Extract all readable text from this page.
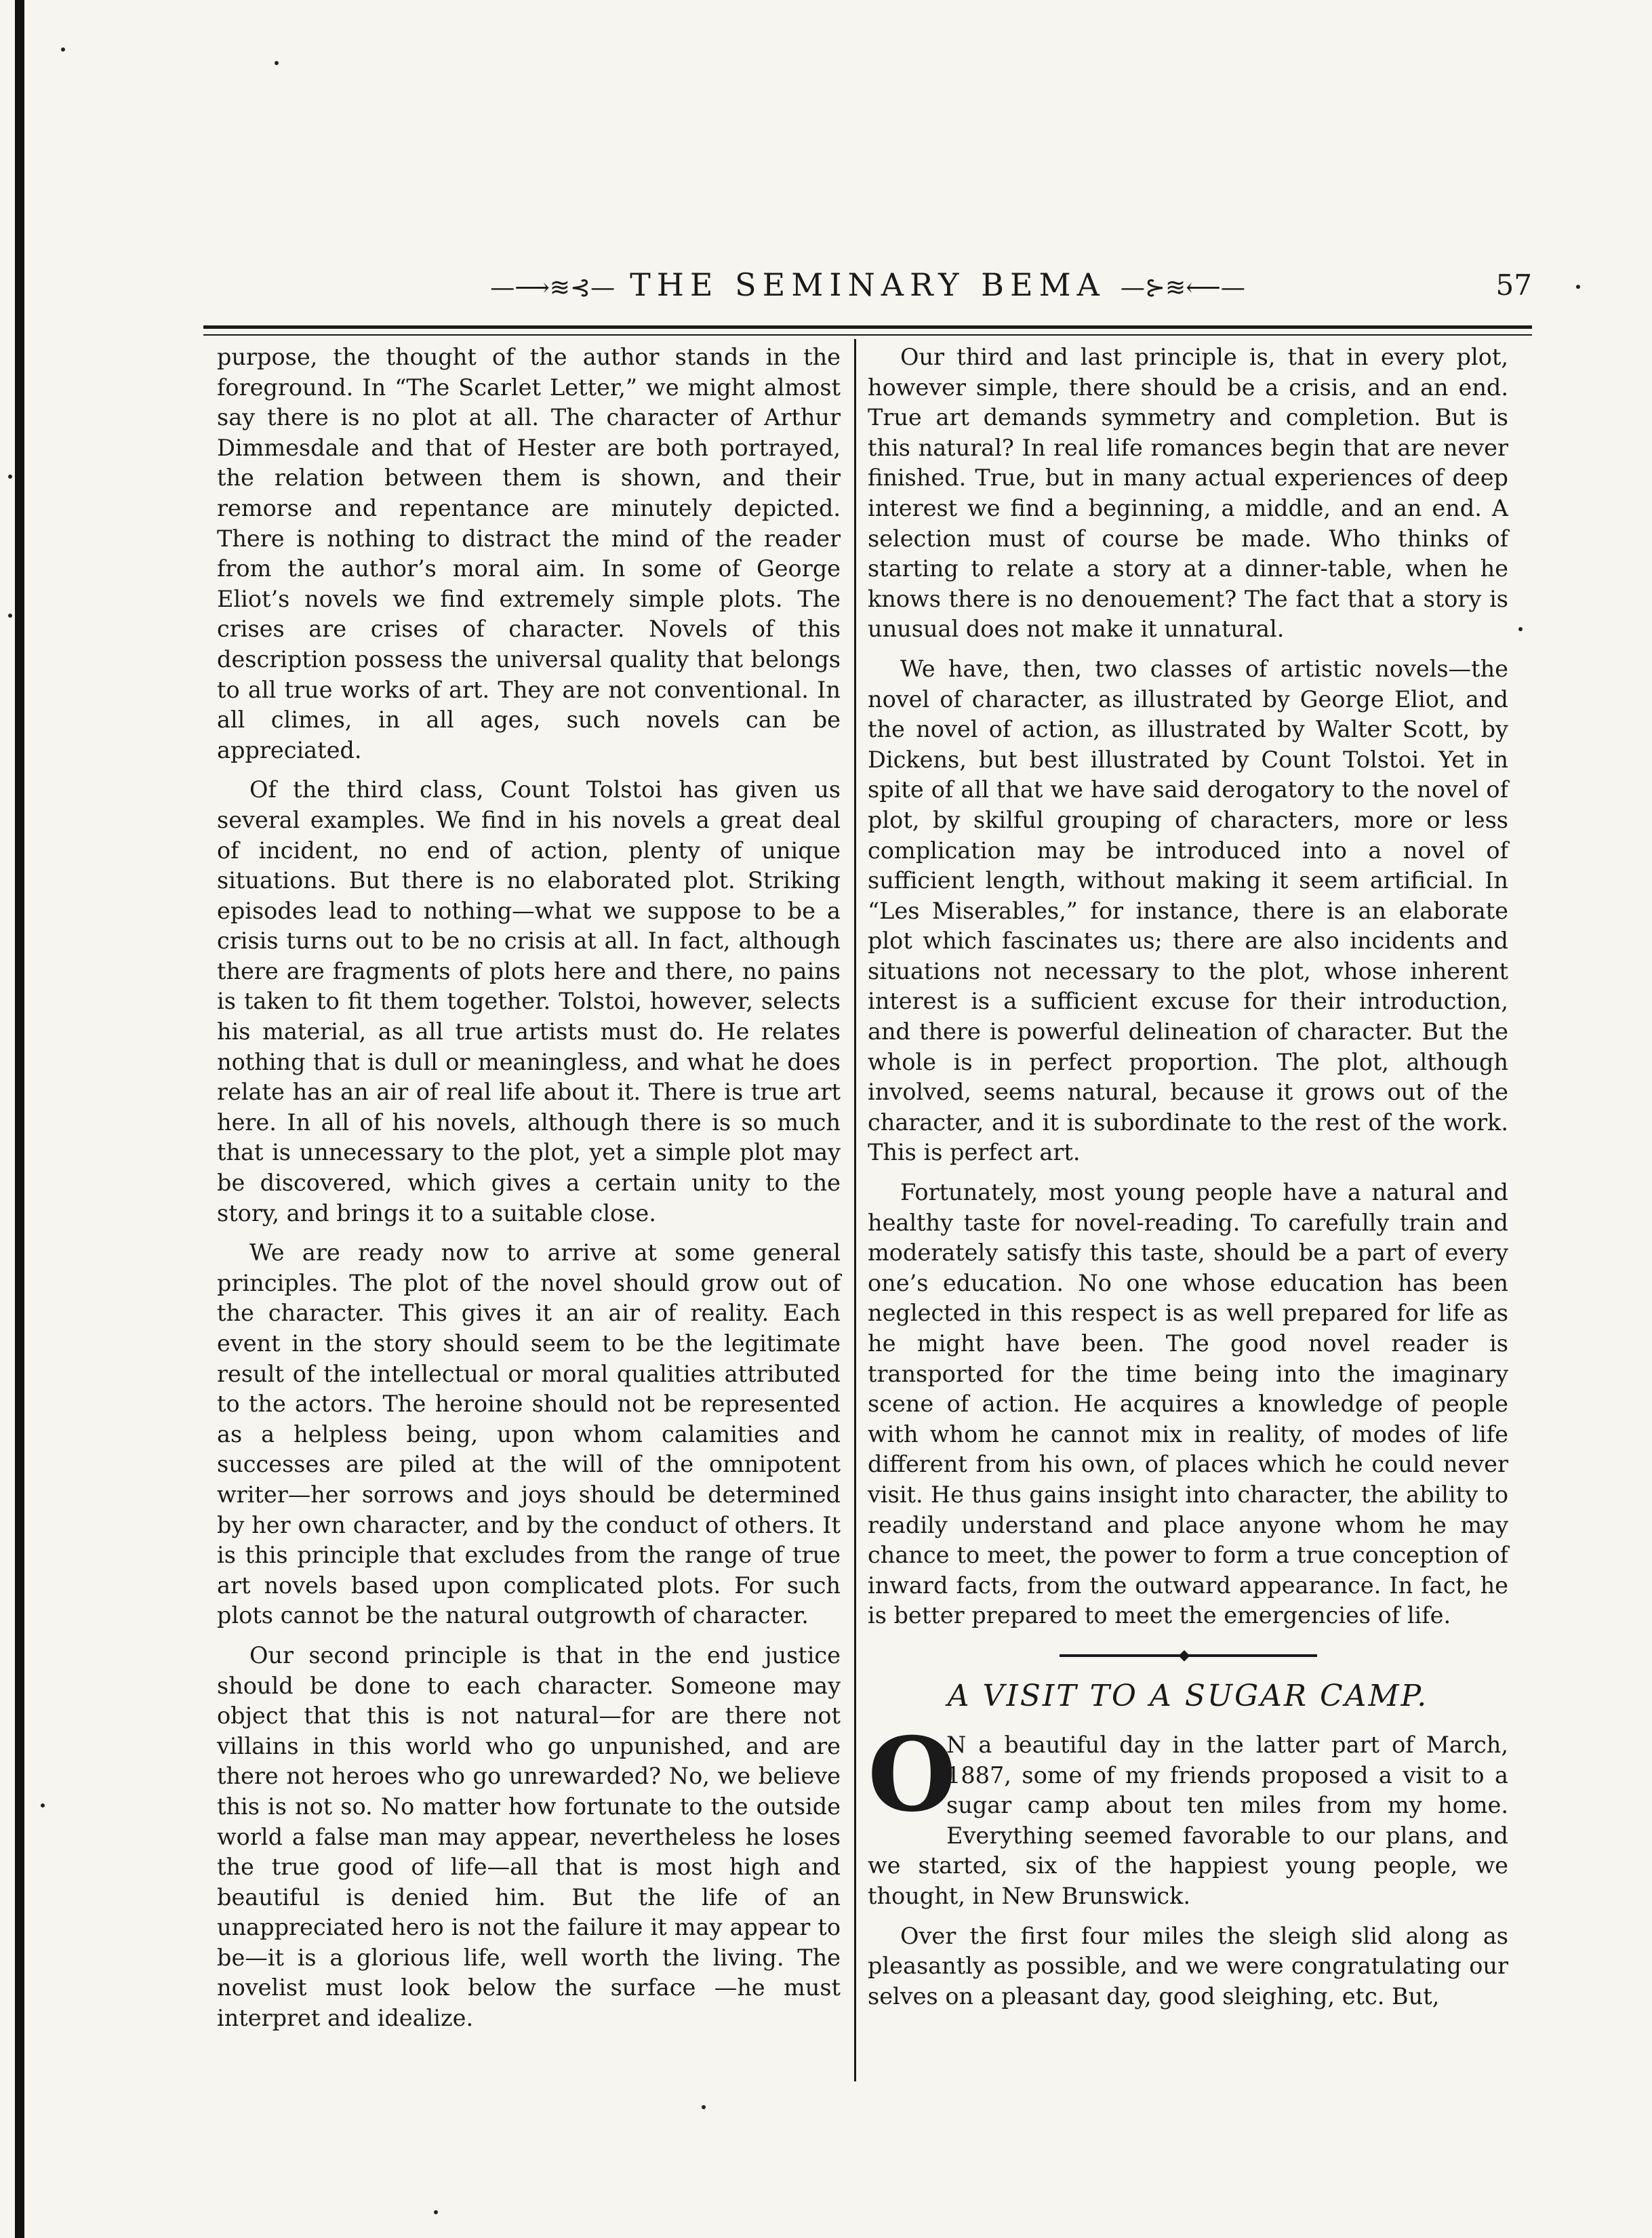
—⟶≋⊰— THE SEMINARY BEMA —⊱≋⟵—	57

purpose, the thought of the author stands in the foreground. In “The Scarlet Letter,” we might almost say there is no plot at all. The character of Arthur Dimmesdale and that of Hester are both portrayed, the relation between them is shown, and their remorse and repentance are minutely depicted. There is nothing to distract the mind of the reader from the author’s moral aim. In some of George Eliot’s novels we find extremely simple plots. The crises are crises of character. Novels of this description possess the universal quality that belongs to all true works of art. They are not conventional. In all climes, in all ages, such novels can be appreciated.

Of the third class, Count Tolstoi has given us several examples. We find in his novels a great deal of incident, no end of action, plenty of unique situations. But there is no elaborated plot. Striking episodes lead to nothing—what we suppose to be a crisis turns out to be no crisis at all. In fact, although there are fragments of plots here and there, no pains is taken to fit them together. Tolstoi, however, selects his material, as all true artists must do. He relates nothing that is dull or meaningless, and what he does relate has an air of real life about it. There is true art here. In all of his novels, although there is so much that is unnecessary to the plot, yet a simple plot may be discovered, which gives a certain unity to the story, and brings it to a suitable close.

We are ready now to arrive at some general principles. The plot of the novel should grow out of the character. This gives it an air of reality. Each event in the story should seem to be the legitimate result of the intellectual or moral qualities attributed to the actors. The heroine should not be represented as a helpless being, upon whom calamities and successes are piled at the will of the omnipotent writer—her sorrows and joys should be determined by her own character, and by the conduct of others. It is this principle that excludes from the range of true art novels based upon complicated plots. For such plots cannot be the natural outgrowth of character.

Our second principle is that in the end justice should be done to each character. Someone may object that this is not natural—for are there not villains in this world who go unpunished, and are there not heroes who go unrewarded? No, we believe this is not so. No matter how fortunate to the outside world a false man may appear, nevertheless he loses the true good of life—all that is most high and beautiful is denied him. But the life of an unappreciated hero is not the failure it may appear to be—it is a glorious life, well worth the living. The novelist must look below the surface —he must interpret and idealize.

Our third and last principle is, that in every plot, however simple, there should be a crisis, and an end. True art demands symmetry and completion. But is this natural? In real life romances begin that are never finished. True, but in many actual experiences of deep interest we find a beginning, a middle, and an end. A selection must of course be made. Who thinks of starting to relate a story at a dinner-table, when he knows there is no denouement? The fact that a story is unusual does not make it unnatural.

We have, then, two classes of artistic novels—the novel of character, as illustrated by George Eliot, and the novel of action, as illustrated by Walter Scott, by Dickens, but best illustrated by Count Tolstoi. Yet in spite of all that we have said derogatory to the novel of plot, by skilful grouping of characters, more or less complication may be introduced into a novel of sufficient length, without making it seem artificial. In “Les Miserables,” for instance, there is an elaborate plot which fascinates us; there are also incidents and situations not necessary to the plot, whose inherent interest is a sufficient excuse for their introduction, and there is powerful delineation of character. But the whole is in perfect proportion. The plot, although involved, seems natural, because it grows out of the character, and it is subordinate to the rest of the work. This is perfect art.

Fortunately, most young people have a natural and healthy taste for novel-reading. To carefully train and moderately satisfy this taste, should be a part of every one’s education. No one whose education has been neglected in this respect is as well prepared for life as he might have been. The good novel reader is transported for the time being into the imaginary scene of action. He acquires a knowledge of people with whom he cannot mix in reality, of modes of life different from his own, of places which he could never visit. He thus gains insight into character, the ability to readily understand and place anyone whom he may chance to meet, the power to form a true conception of inward facts, from the outward appearance. In fact, he is better prepared to meet the emergencies of life.

◆
A VISIT TO A SUGAR CAMP.

O
N a beautiful day in the latter part of March, 1887, some of my friends proposed a visit to a sugar camp about ten miles from my home. Everything seemed favorable to our plans, and we started, six of the happiest young people, we thought, in New Brunswick.

Over the first four miles the sleigh slid along as pleasantly as possible, and we were congratulating our selves on a pleasant day, good sleighing, etc. But,
